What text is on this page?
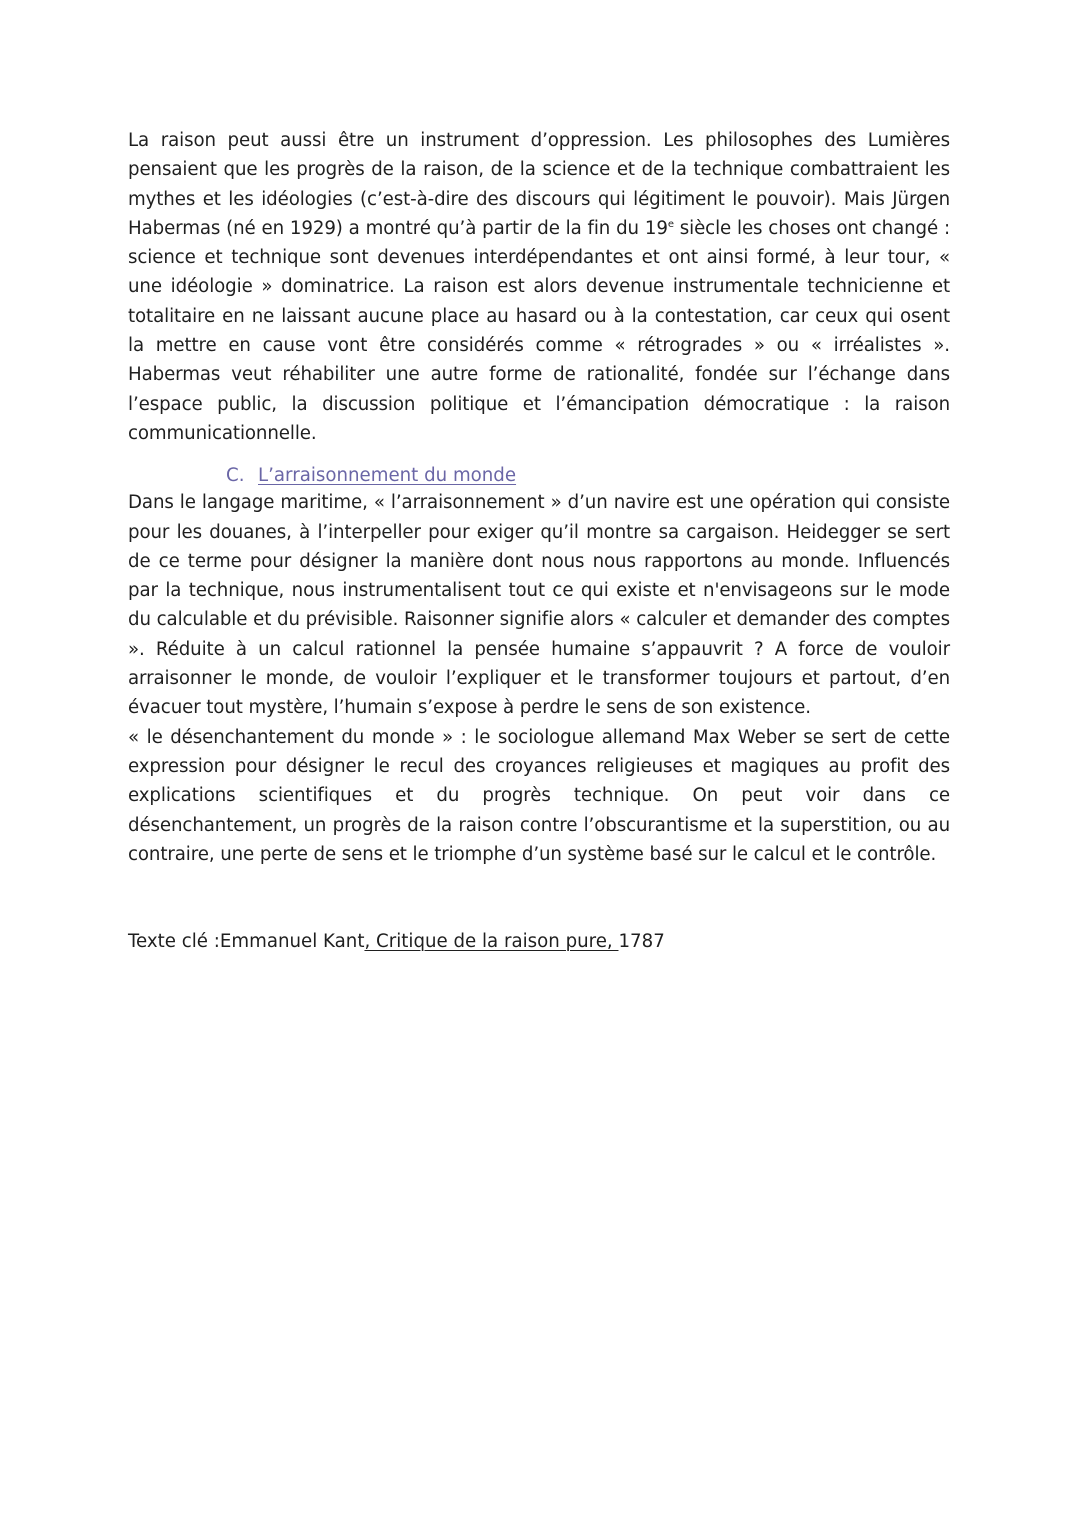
La raison peut aussi être un instrument d’oppression. Les philosophes des Lumières pensaient que les progrès de la raison, de la science et de la technique combattraient les mythes et les idéologies (c’est-à-dire des discours qui légitiment le pouvoir). Mais Jürgen Habermas (né en 1929) a montré qu’à partir de la fin du 19e siècle les choses ont changé : science et technique sont devenues interdépendantes et ont ainsi formé, à leur tour, « une idéologie » dominatrice. La raison est alors devenue instrumentale technicienne et totalitaire en ne laissant aucune place au hasard ou à la contestation, car ceux qui osent la mettre en cause vont être considérés comme « rétrogrades » ou « irréalistes ». Habermas veut réhabiliter une autre forme de rationalité, fondée sur l’échange dans l’espace public, la discussion politique et l’émancipation démocratique : la raison communicationnelle.

C. L’arraisonnement du monde

Dans le langage maritime, « l’arraisonnement » d’un navire est une opération qui consiste pour les douanes, à l’interpeller pour exiger qu’il montre sa cargaison. Heidegger se sert de ce terme pour désigner la manière dont nous nous rapportons au monde. Influencés par la technique, nous instrumentalisent tout ce qui existe et n'envisageons sur le mode du calculable et du prévisible. Raisonner signifie alors « calculer et demander des comptes ». Réduite à un calcul rationnel la pensée humaine s’appauvrit ? A force de vouloir arraisonner le monde, de vouloir l’expliquer et le transformer toujours et partout, d’en évacuer tout mystère, l’humain s’expose à perdre le sens de son existence.

« le désenchantement du monde » : le sociologue allemand Max Weber se sert de cette expression pour désigner le recul des croyances religieuses et magiques au profit des explications scientifiques et du progrès technique. On peut voir dans ce désenchantement, un progrès de la raison contre l’obscurantisme et la superstition, ou au contraire, une perte de sens et le triomphe d’un système basé sur le calcul et le contrôle.

Texte clé :Emmanuel Kant, Critique de la raison pure, 1787
